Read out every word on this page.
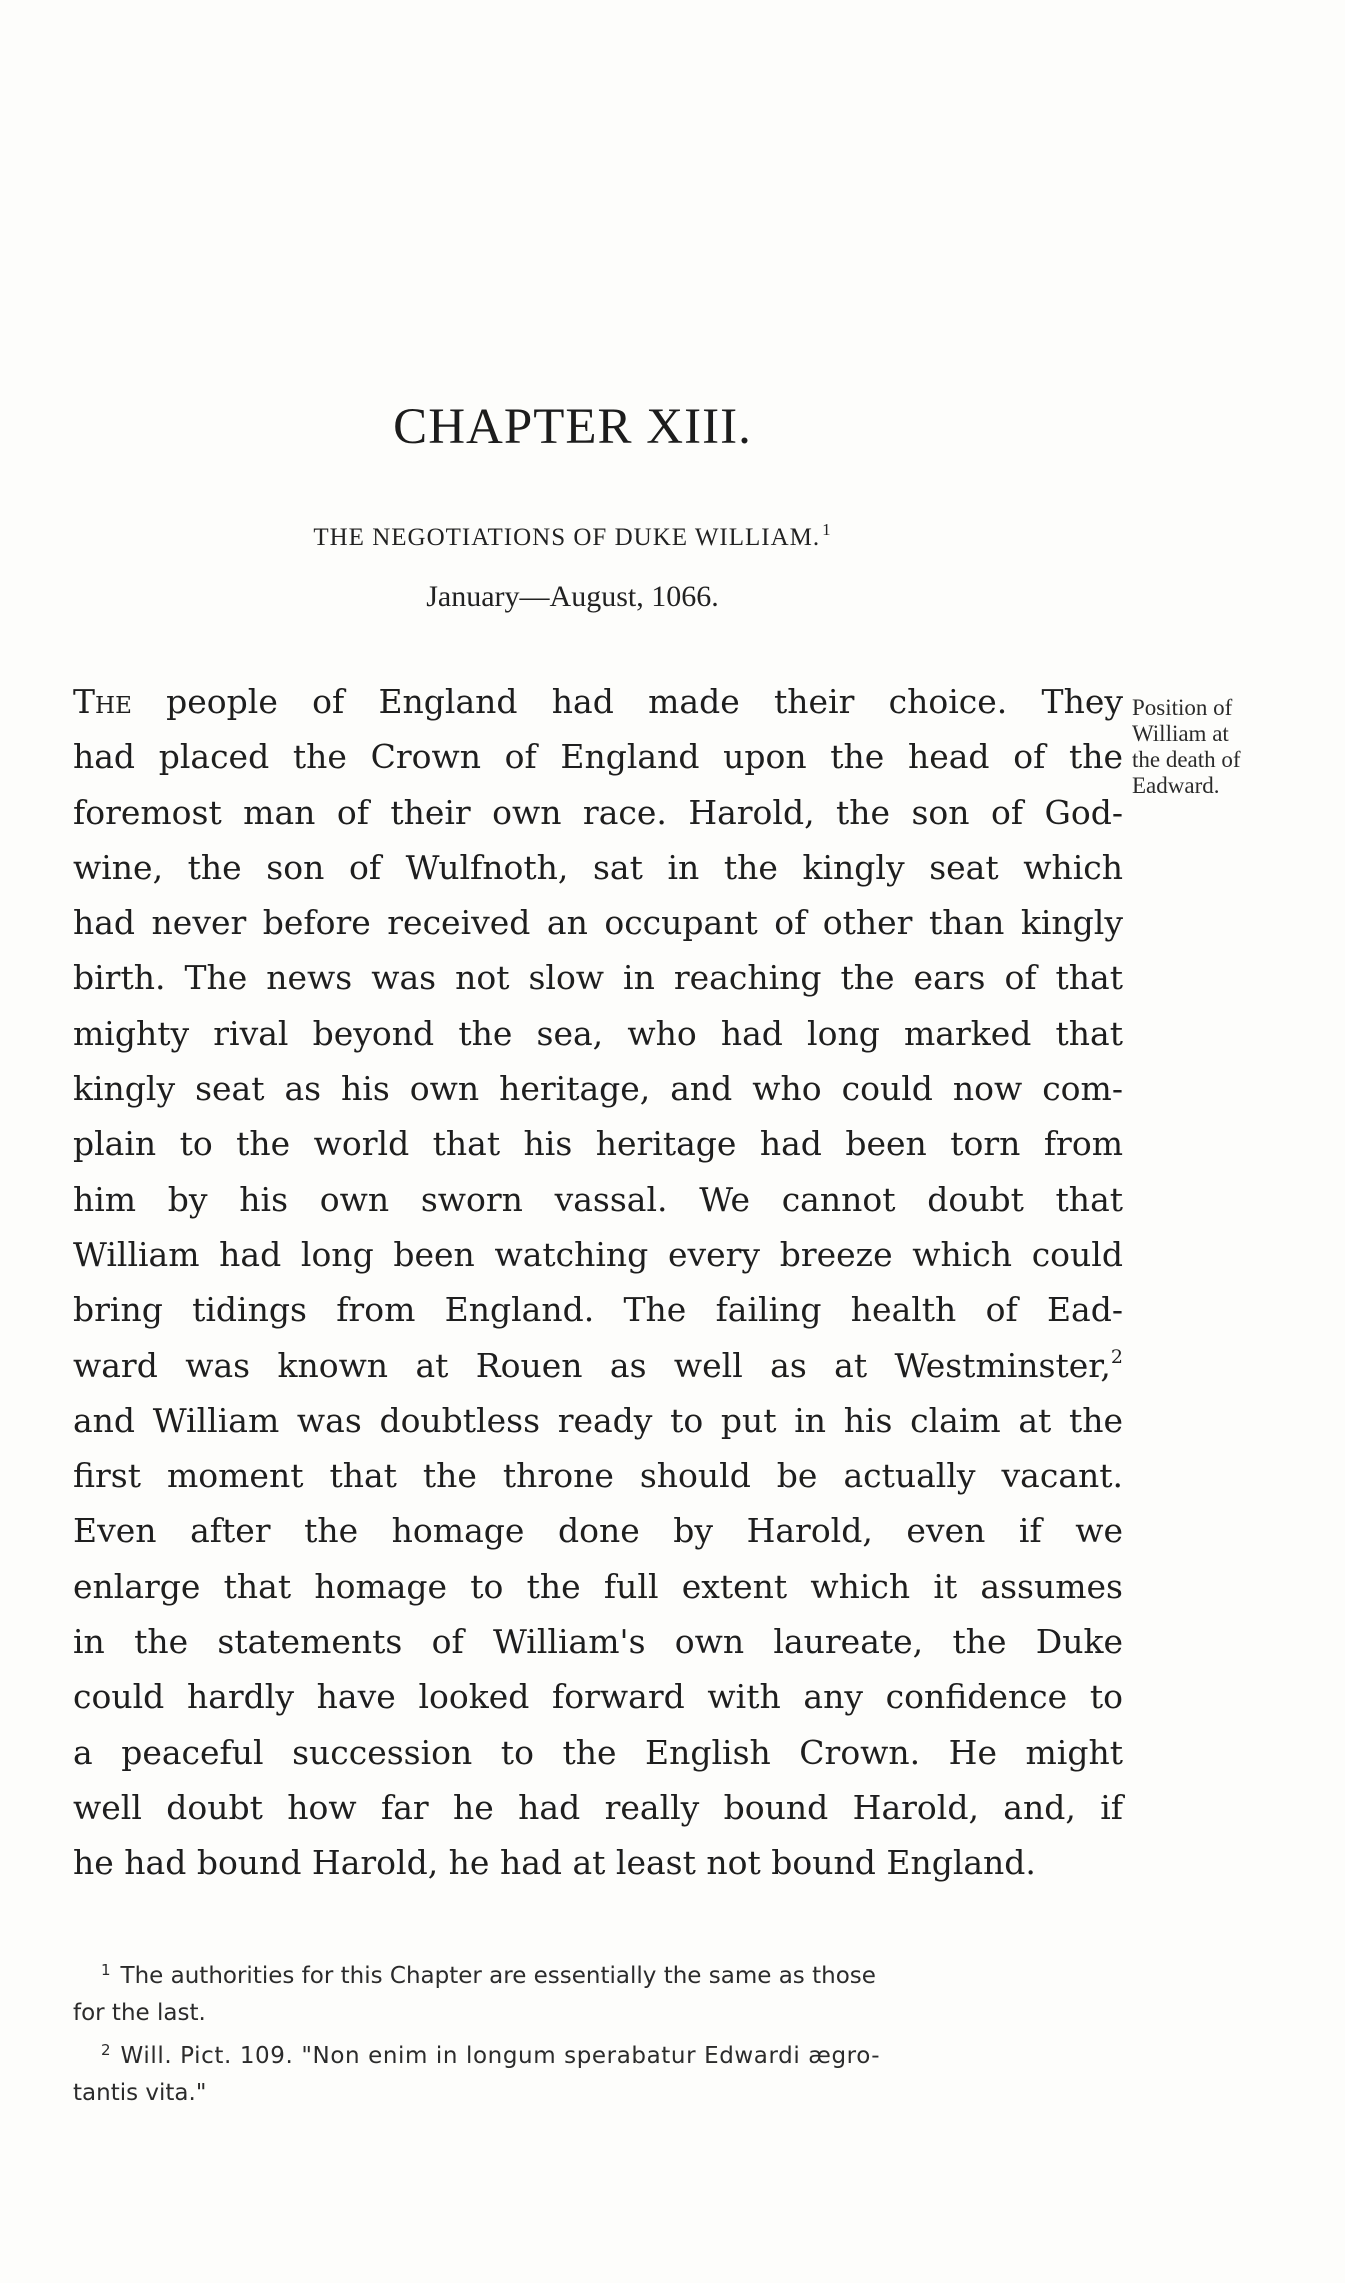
CHAPTER XIII.
THE NEGOTIATIONS OF DUKE WILLIAM. $^1$
January—August, 1066.
Position of
William at
the death of
Eadward.
The people of England had made their choice. They
had placed the Crown of England upon the head of the
foremost man of their own race. Harold, the son of God-
wine, the son of Wulfnoth, sat in the kingly seat which
had never before received an occupant of other than kingly
birth. The news was not slow in reaching the ears of that
mighty rival beyond the sea, who had long marked that
kingly seat as his own heritage, and who could now com-
plain to the world that his heritage had been torn from
him by his own sworn vassal. We cannot doubt that
William had long been watching every breeze which could
bring tidings from England. The failing health of Ead-
ward was known at Rouen as well as at Westminster,$^2$
and William was doubtless ready to put in his claim at the
first moment that the throne should be actually vacant.
Even after the homage done by Harold, even if we
enlarge that homage to the full extent which it assumes
in the statements of William's own laureate, the Duke
could hardly have looked forward with any confidence to
a peaceful succession to the English Crown. He might
well doubt how far he had really bound Harold, and, if
he had bound Harold, he had at least not bound England.
$^1$ The authorities for this Chapter are essentially the same as those
for the last.
$^2$ Will. Pict. 109. "Non enim in longum sperabatur Edwardi ægro-
tantis vita."
